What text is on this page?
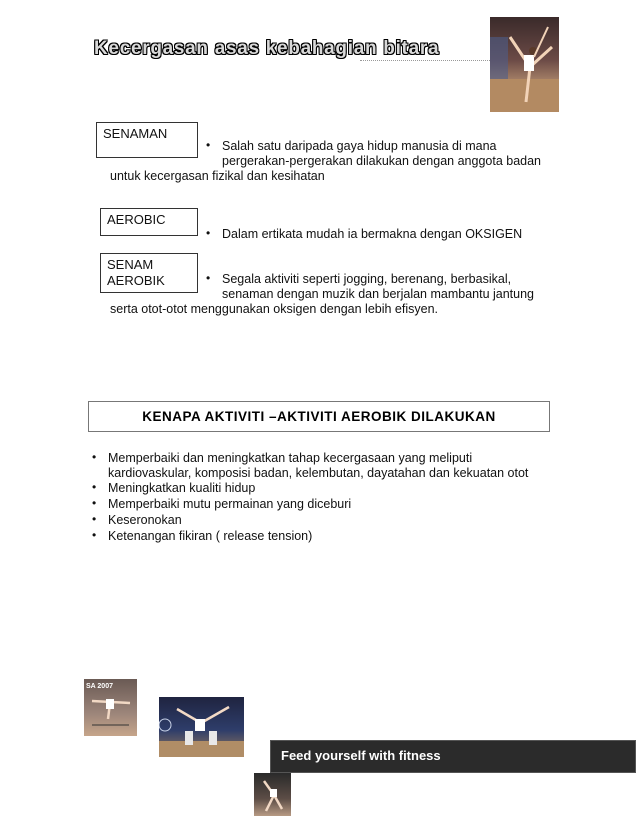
Kecergasan asas kebahagian bitara
SENAMAN
• Salah satu daripada gaya hidup manusia di mana
pergerakan-pergerakan dilakukan dengan anggota badan
untuk kecergasan fizikal dan kesihatan
AEROBIC
• Dalam ertikata mudah ia bermakna dengan OKSIGEN
SENAM
AEROBIK	• Segala aktiviti seperti jogging, berenang, berbasikal,
senaman dengan muzik dan berjalan mambantu jantung
serta otot-otot menggunakan oksigen dengan lebih efisyen.
KENAPA AKTIVITI –AKTIVITI AEROBIK DILAKUKAN
• Memperbaiki dan meningkatkan tahap kecergasaan yang meliputi
kardiovaskular, komposisi badan, kelembutan, dayatahan dan kekuatan otot
• Meningkatkan kualiti hidup
• Memperbaiki mutu permainan yang diceburi
• Keseronokan
• Ketenangan fikiran ( release tension)
SA 2007
Feed yourself with fitness
